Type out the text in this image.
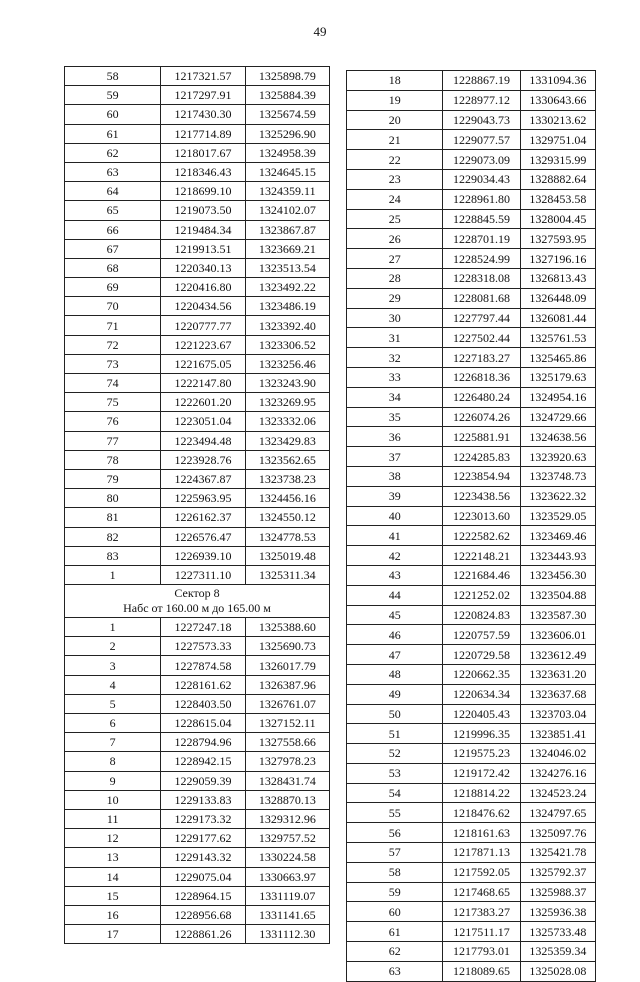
49
58	1217321.57	1325898.79
59	1217297.91	1325884.39
60	1217430.30	1325674.59
61	1217714.89	1325296.90
62	1218017.67	1324958.39
63	1218346.43	1324645.15
64	1218699.10	1324359.11
65	1219073.50	1324102.07
66	1219484.34	1323867.87
67	1219913.51	1323669.21
68	1220340.13	1323513.54
69	1220416.80	1323492.22
70	1220434.56	1323486.19
71	1220777.77	1323392.40
72	1221223.67	1323306.52
73	1221675.05	1323256.46
74	1222147.80	1323243.90
75	1222601.20	1323269.95
76	1223051.04	1323332.06
77	1223494.48	1323429.83
78	1223928.76	1323562.65
79	1224367.87	1323738.23
80	1225963.95	1324456.16
81	1226162.37	1324550.12
82	1226576.47	1324778.53
83	1226939.10	1325019.48
1	1227311.10	1325311.34

Сектор 8
Набс от 160.00 м до 165.00 м		

1	1227247.18	1325388.60
2	1227573.33	1325690.73
3	1227874.58	1326017.79
4	1228161.62	1326387.96
5	1228403.50	1326761.07
6	1228615.04	1327152.11
7	1228794.96	1327558.66
8	1228942.15	1327978.23
9	1229059.39	1328431.74
10	1229133.83	1328870.13
11	1229173.32	1329312.96
12	1229177.62	1329757.52
13	1229143.32	1330224.58
14	1229075.04	1330663.97
15	1228964.15	1331119.07
16	1228956.68	1331141.65
17	1228861.26	1331112.30
18	1228867.19	1331094.36
19	1228977.12	1330643.66
20	1229043.73	1330213.62
21	1229077.57	1329751.04
22	1229073.09	1329315.99
23	1229034.43	1328882.64
24	1228961.80	1328453.58
25	1228845.59	1328004.45
26	1228701.19	1327593.95
27	1228524.99	1327196.16
28	1228318.08	1326813.43
29	1228081.68	1326448.09
30	1227797.44	1326081.44
31	1227502.44	1325761.53
32	1227183.27	1325465.86
33	1226818.36	1325179.63
34	1226480.24	1324954.16
35	1226074.26	1324729.66
36	1225881.91	1324638.56
37	1224285.83	1323920.63
38	1223854.94	1323748.73
39	1223438.56	1323622.32
40	1223013.60	1323529.05
41	1222582.62	1323469.46
42	1222148.21	1323443.93
43	1221684.46	1323456.30
44	1221252.02	1323504.88
45	1220824.83	1323587.30
46	1220757.59	1323606.01
47	1220729.58	1323612.49
48	1220662.35	1323631.20
49	1220634.34	1323637.68
50	1220405.43	1323703.04
51	1219996.35	1323851.41
52	1219575.23	1324046.02
53	1219172.42	1324276.16
54	1218814.22	1324523.24
55	1218476.62	1324797.65
56	1218161.63	1325097.76
57	1217871.13	1325421.78
58	1217592.05	1325792.37
59	1217468.65	1325988.37
60	1217383.27	1325936.38
61	1217511.17	1325733.48
62	1217793.01	1325359.34
63	1218089.65	1325028.08
